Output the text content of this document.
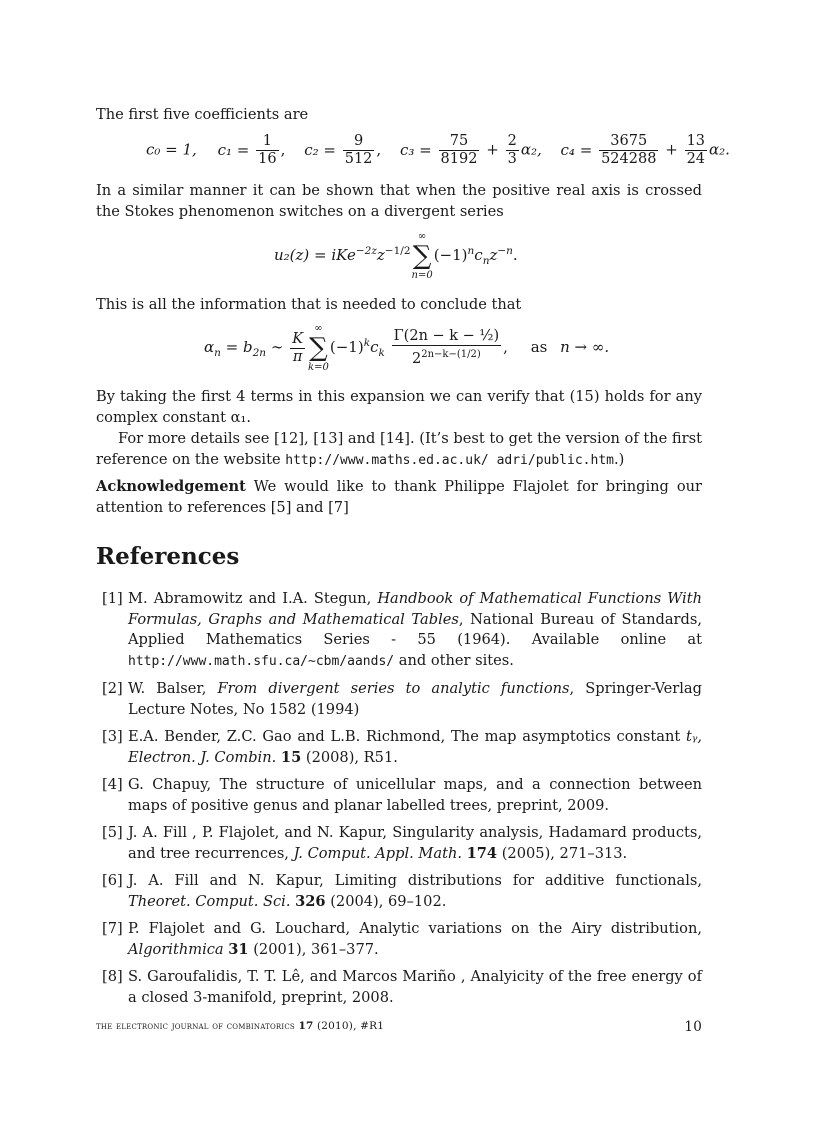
The first five coefficients are
c₀ = 1, $c_1 = \frac{1}{16}$ , $c_2 = \frac{9}{512}$ , $c_3 = \frac{75}{8192} + \frac{2}{3} \alpha_2$, $c_4 = \frac{3675}{524288} + \frac{13}{24} \alpha_2$.
In a similar manner it can be shown that when the positive real axis is crossed the Stokes phenomenon switches on a divergent series
$u_2(z) = iKe^{-2z}z^{-1/2}$
∞
∑
n=0
$(-1)^nc_nz^{-n}$.
This is all the information that is needed to conclude that
$\alpha_n = b_{2n}$ ∼ $\frac{K}{\pi}$
∞
∑
k=0
$(-1)^kc_k \frac{\text{Γ(2n − k − ½)}}{2^{2n-k-(1/2)}}$ , as n → ∞.
By taking the first 4 terms in this expansion we can verify that (15) holds for any complex constant α₁.
For more details see [12], [13] and [14]. (It’s best to get the version of the first reference on the website http://www.maths.ed.ac.uk/ adri/public.htm.)
Acknowledgement We would like to thank Philippe Flajolet for bringing our attention to references [5] and [7]
References
[1] M. Abramowitz and I.A. Stegun, Handbook of Mathematical Functions With Formulas, Graphs and Mathematical Tables, National Bureau of Standards, Applied Mathematics Series - 55 (1964). Available online at http://www.math.sfu.ca/∼cbm/aands/ and other sites.
[2] W. Balser, From divergent series to analytic functions, Springer-Verlag Lecture Notes, No 1582 (1994)
[3] E.A. Bender, Z.C. Gao and L.B. Richmond, The map asymptotics constant tᵧ, Electron. J. Combin. 15 (2008), R51.
[4] G. Chapuy, The structure of unicellular maps, and a connection between maps of positive genus and planar labelled trees, preprint, 2009.
[5] J. A. Fill , P. Flajolet, and N. Kapur, Singularity analysis, Hadamard products, and tree recurrences, J. Comput. Appl. Math. 174 (2005), 271–313.
[6] J. A. Fill and N. Kapur, Limiting distributions for additive functionals, Theoret. Comput. Sci. 326 (2004), 69–102.
[7] P. Flajolet and G. Louchard, Analytic variations on the Airy distribution, Algorithmica 31 (2001), 361–377.
[8] S. Garoufalidis, T. T. Lê, and Marcos Mariño , Analyicity of the free energy of a closed 3-manifold, preprint, 2008.
the electronic journal of combinatorics 17 (2010), #R1	10
